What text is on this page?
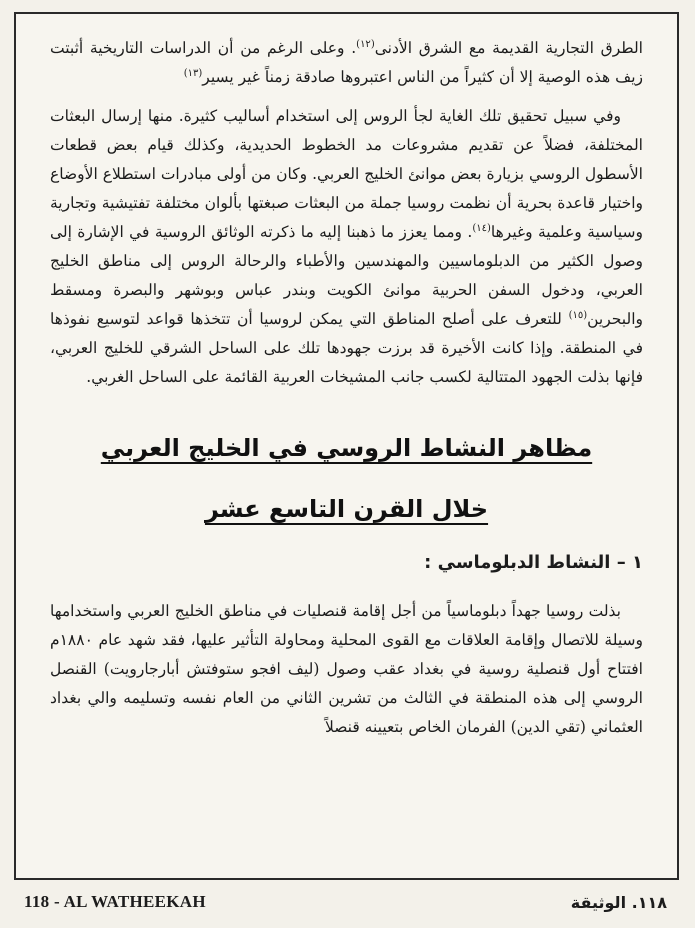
الطرق التجارية القديمة مع الشرق الأدنى$^{(١٢)}$. وعلى الرغم من أن الدراسات التاريخية أثبتت زيف هذه الوصية إلا أن كثيراً من الناس اعتبروها صادقة زمناً غير يسير$^{(١٣)}$

وفي سبيل تحقيق تلك الغاية لجأ الروس إلى استخدام أساليب كثيرة. منها إرسال البعثات المختلفة، فضلاً عن تقديم مشروعات مد الخطوط الحديدية، وكذلك قيام بعض قطعات الأسطول الروسي بزيارة بعض موانئ الخليج العربي. وكان من أولى مبادرات استطلاع الأوضاع واختيار قاعدة بحرية أن نظمت روسيا جملة من البعثات صبغتها بألوان مختلفة تفتيشية وتجارية وسياسية وعلمية وغيرها$^{(١٤)}$. ومما يعزز ما ذهبنا إليه ما ذكرته الوثائق الروسية في الإشارة إلى وصول الكثير من الدبلوماسيين والمهندسين والأطباء والرحالة الروس إلى مناطق الخليج العربي، ودخول السفن الحربية موانئ الكويت وبندر عباس وبوشهر والبصرة ومسقط والبحرين$^{(١٥)}$ للتعرف على أصلح المناطق التي يمكن لروسيا أن تتخذها قواعد لتوسيع نفوذها في المنطقة. وإذا كانت الأخيرة قد برزت جهودها تلك على الساحل الشرقي للخليج العربي، فإنها بذلت الجهود المتتالية لكسب جانب المشيخات العربية القائمة على الساحل الغربي.

مظاهر النشاط الروسي في الخليج العربي
خلال القرن التاسع عشر
١ – النشاط الدبلوماسي :

بذلت روسيا جهداً دبلوماسياً من أجل إقامة قنصليات في مناطق الخليج العربي واستخدامها وسيلة للاتصال وإقامة العلاقات مع القوى المحلية ومحاولة التأثير عليها، فقد شهد عام ١٨٨٠م افتتاح أول قنصلية روسية في بغداد عقب وصول (ليف افجو ستوفتش أبارجارويت) القنصل الروسي إلى هذه المنطقة في الثالث من تشرين الثاني من العام نفسه وتسليمه والي بغداد العثماني (تقي الدين) الفرمان الخاص بتعيينه قنصلاً

118 - AL WATHEEKAH	١١٨. الوثيقة
